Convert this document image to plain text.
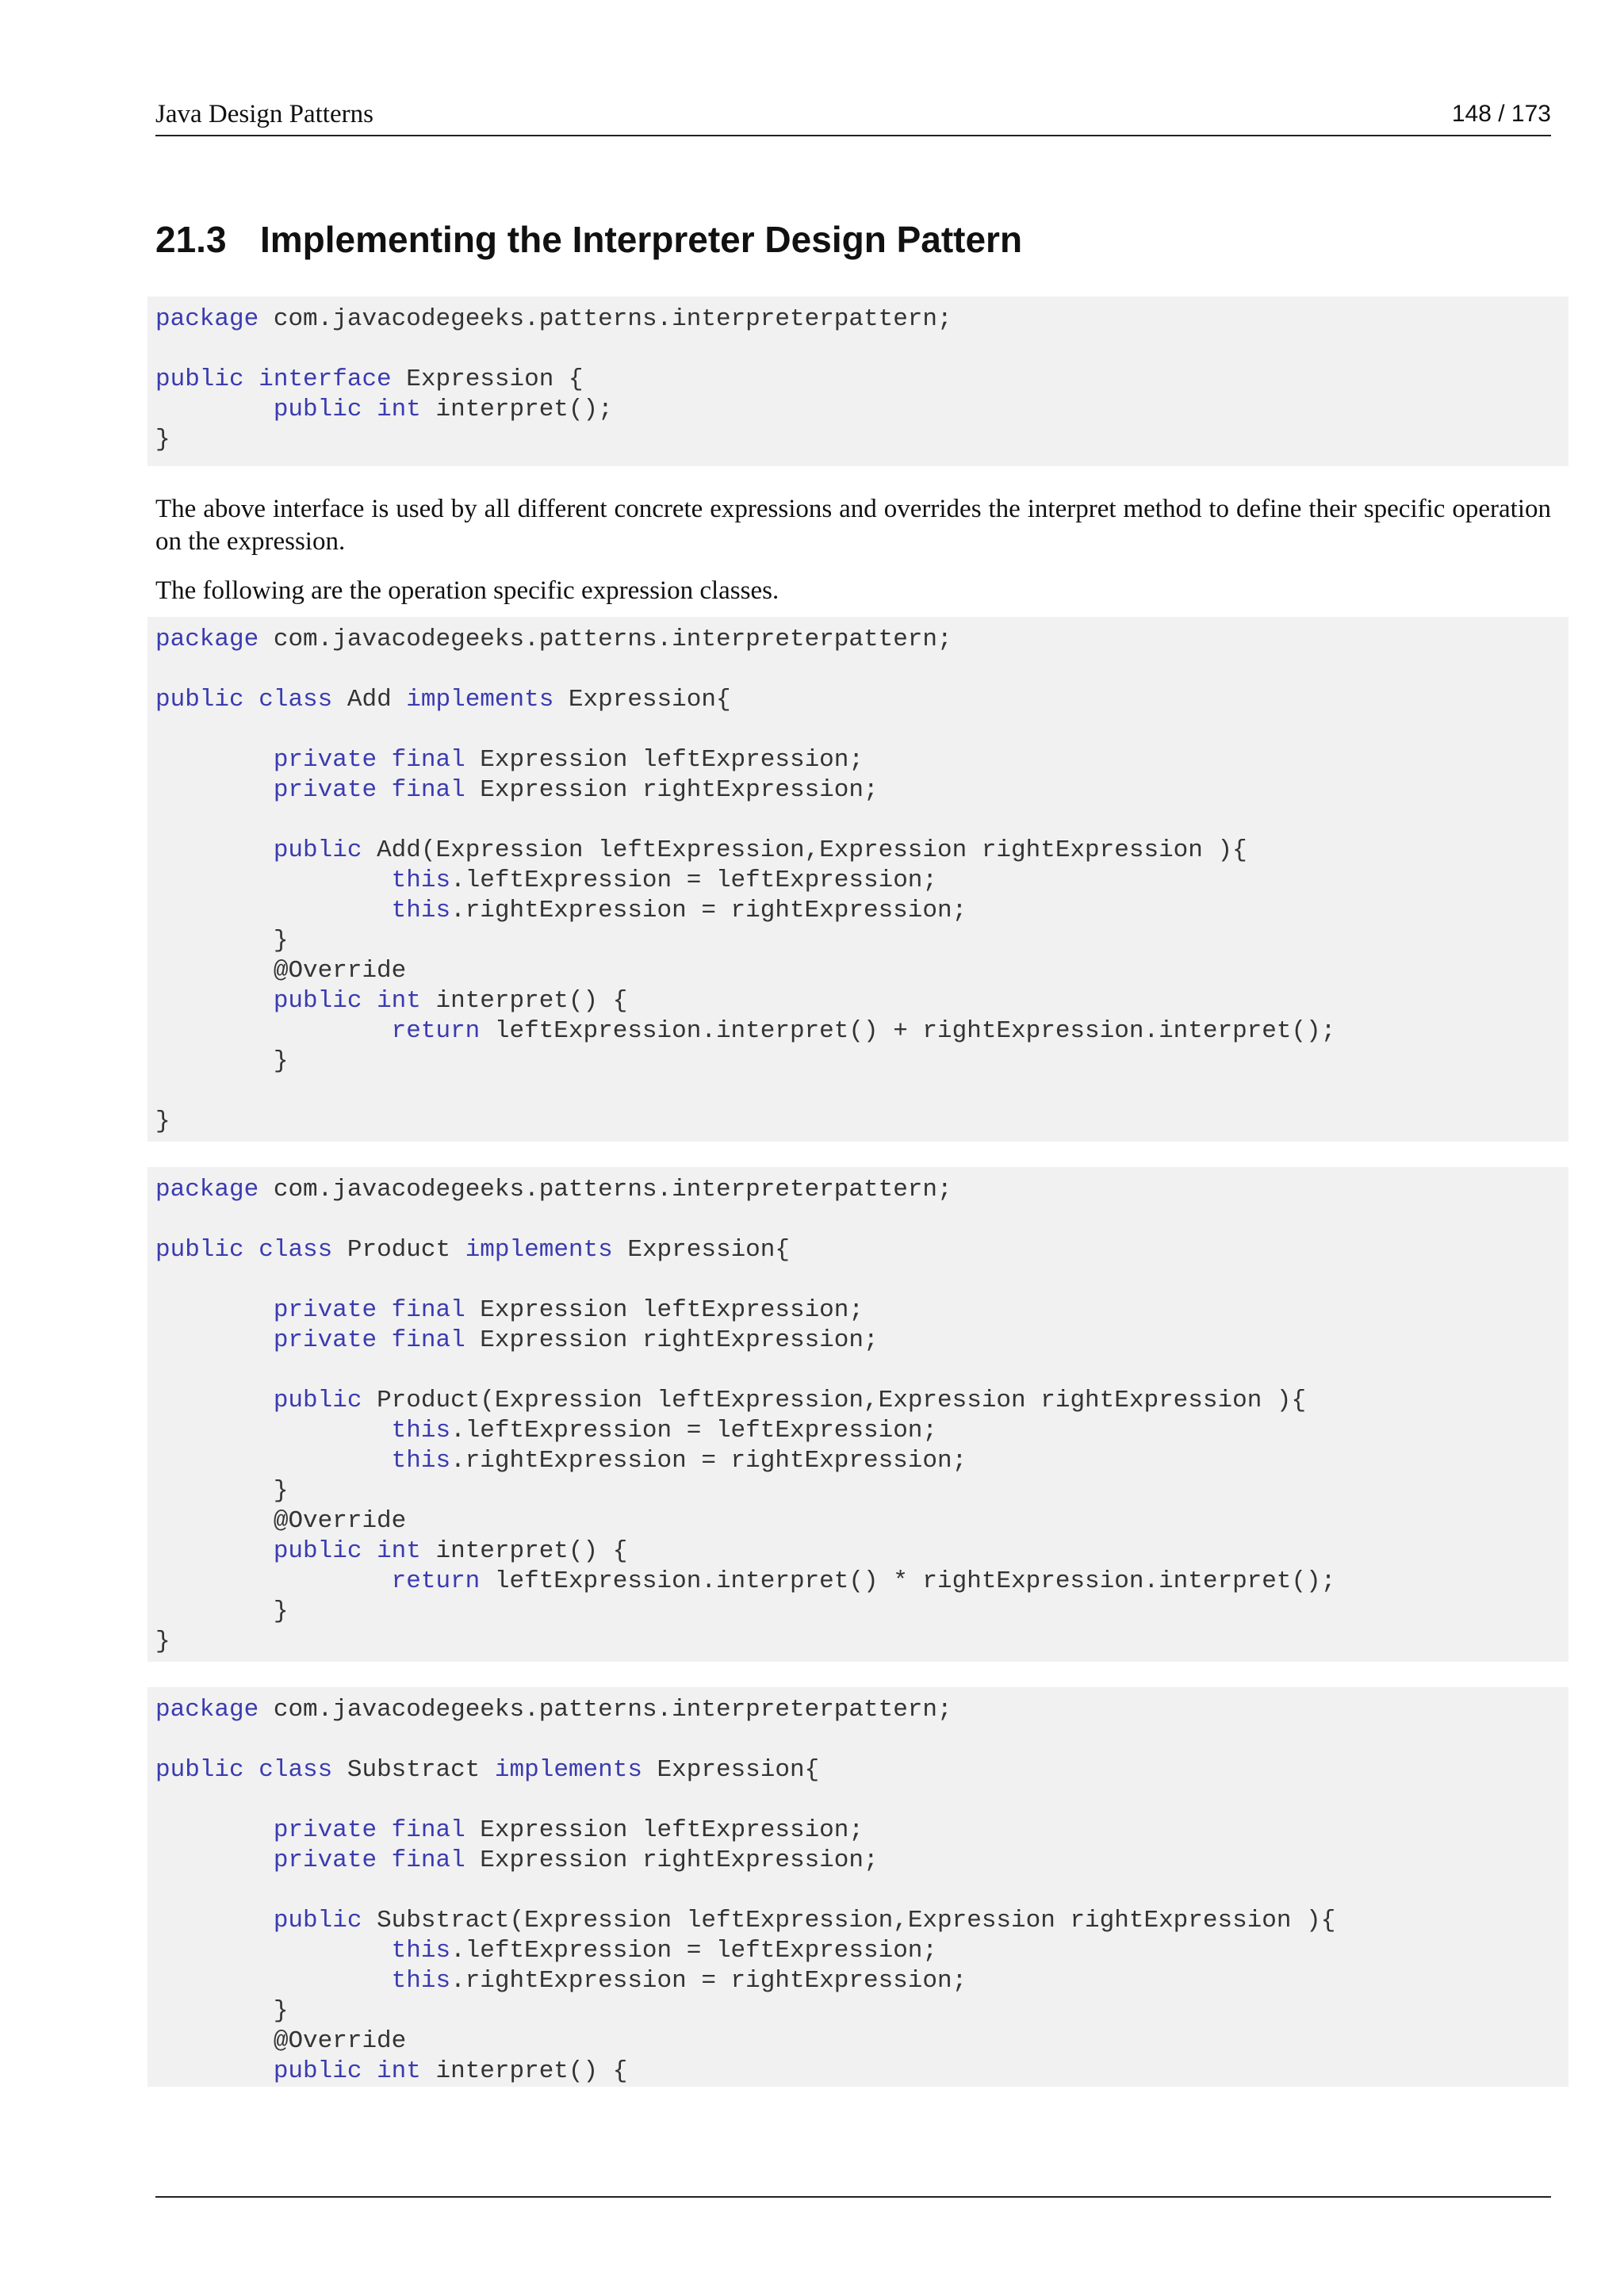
Java Design Patterns	148 / 173
21.3 Implementing the Interpreter Design Pattern
package com.javacodegeeks.patterns.interpreterpattern;
public interface Expression {
public int interpret();
}

The above interface is used by all different concrete expressions and overrides the interpret method to define their specific operation on the expression.

The following are the operation specific expression classes.

package com.javacodegeeks.patterns.interpreterpattern;
public class Add implements Expression{
private final Expression leftExpression;
private final Expression rightExpression;
public Add(Expression leftExpression,Expression rightExpression ){
this.leftExpression = leftExpression;
this.rightExpression = rightExpression;
}
@Override
public int interpret() {
return leftExpression.interpret() + rightExpression.interpret();
}
}
package com.javacodegeeks.patterns.interpreterpattern;
public class Product implements Expression{
private final Expression leftExpression;
private final Expression rightExpression;
public Product(Expression leftExpression,Expression rightExpression ){
this.leftExpression = leftExpression;
this.rightExpression = rightExpression;
}
@Override
public int interpret() {
return leftExpression.interpret() * rightExpression.interpret();
}
}
package com.javacodegeeks.patterns.interpreterpattern;
public class Substract implements Expression{
private final Expression leftExpression;
private final Expression rightExpression;
public Substract(Expression leftExpression,Expression rightExpression ){
this.leftExpression = leftExpression;
this.rightExpression = rightExpression;
}
@Override
public int interpret() {
